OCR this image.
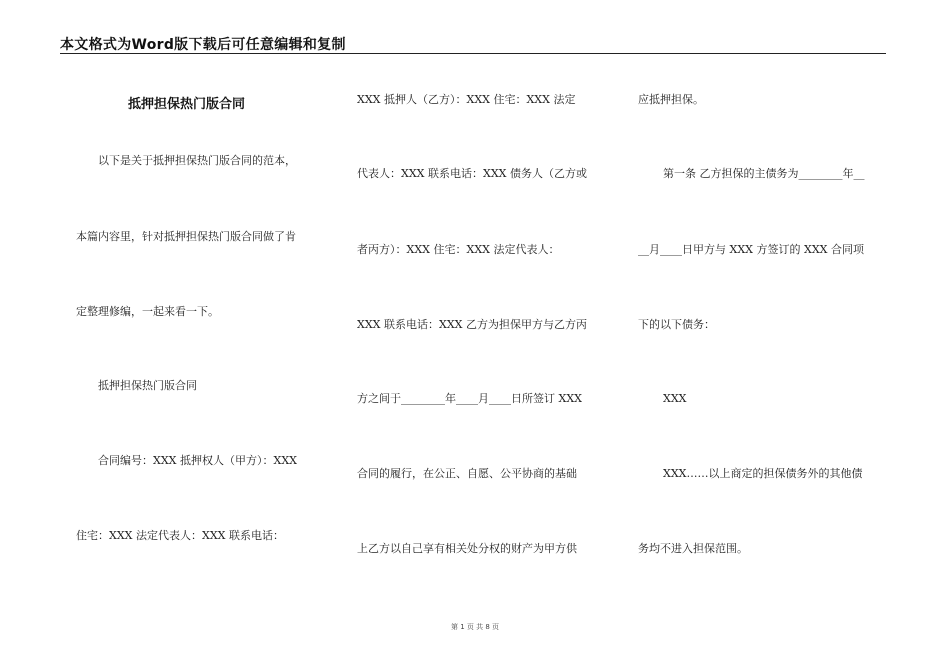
本文格式为Word版下载后可任意编辑和复制
抵押担保热门版合同
以下是关于抵押担保热门版合同的范本，
本篇内容里，针对抵押担保热门版合同做了肯
定整理修编，一起来看一下。
抵押担保热门版合同
合同编号：XXX 抵押权人（甲方）：XXX
住宅：XXX 法定代表人：XXX 联系电话：
XXX 抵押人（乙方）：XXX 住宅：XXX 法定
代表人：XXX 联系电话：XXX 债务人（乙方或
者丙方）：XXX 住宅：XXX 法定代表人：
XXX 联系电话：XXX 乙方为担保甲方与乙方丙
方之间于________年____月____日所签订 XXX
合同的履行，在公正、自愿、公平协商的基础
上乙方以自己享有相关处分权的财产为甲方供
应抵押担保。
第一条 乙方担保的主债务为________年__
__月____日甲方与 XXX 方签订的 XXX 合同项
下的以下债务：
XXX
XXX……以上商定的担保债务外的其他债
务均不进入担保范围。
第 1 页 共 8 页
